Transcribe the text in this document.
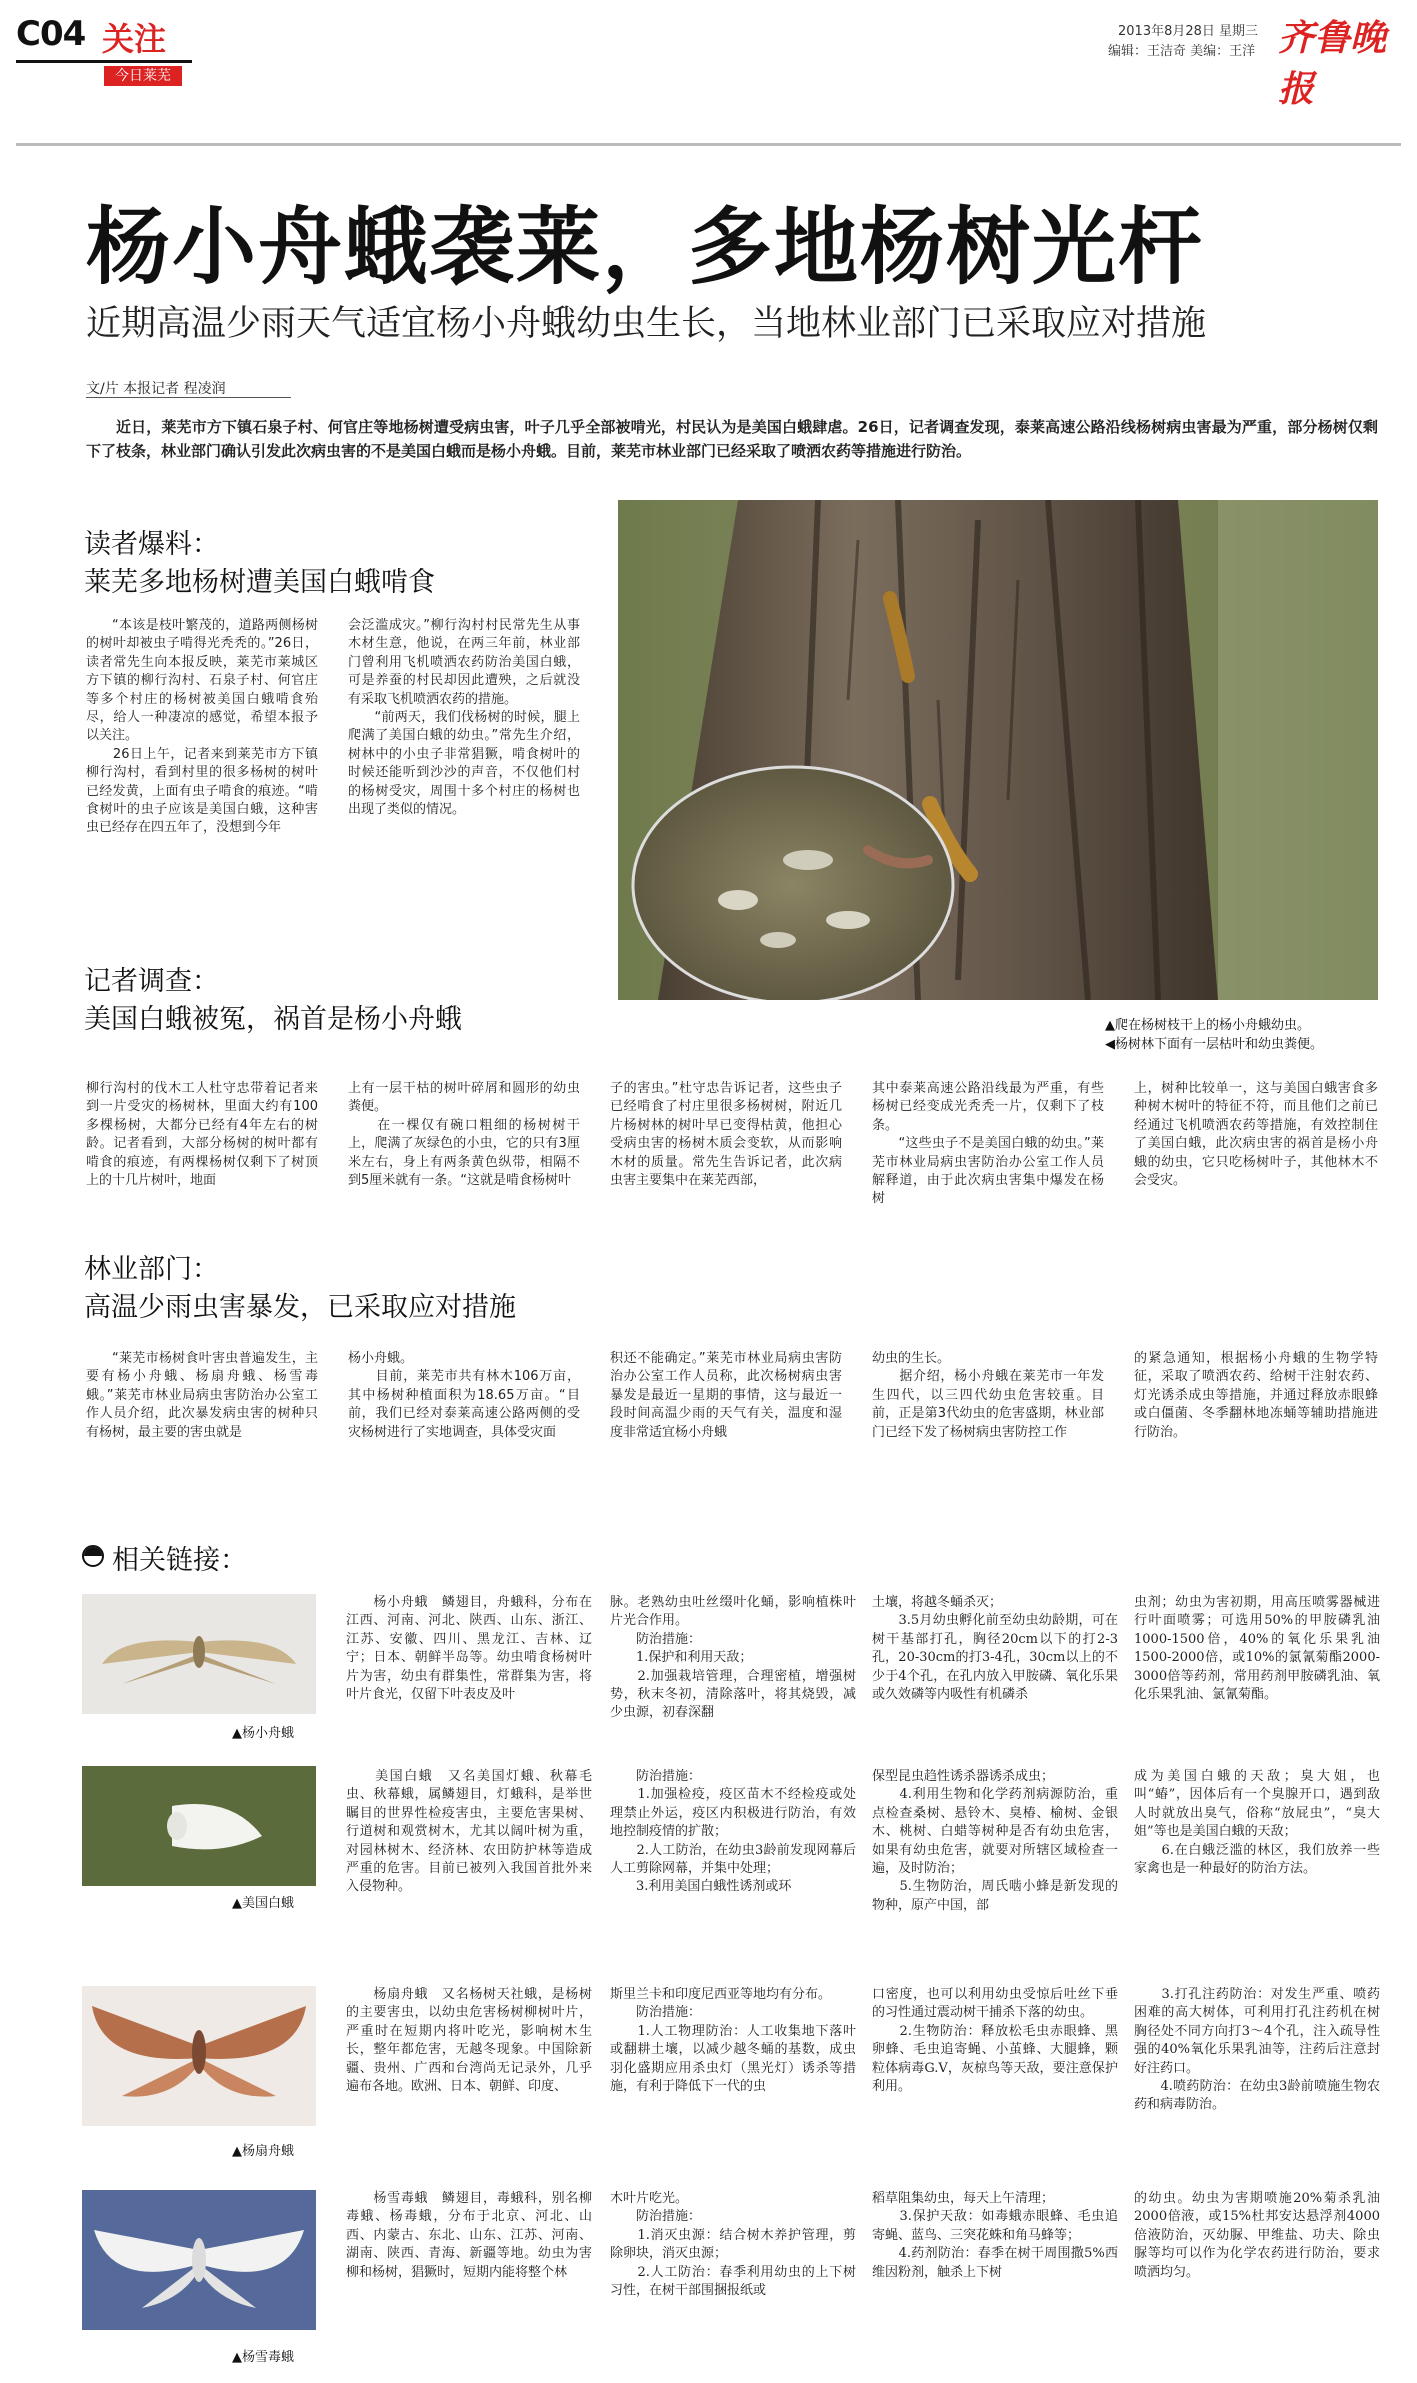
C04 关注
今日莱芜
2013年8月28日 星期三
编辑：王洁奇 美编：王洋 齐鲁晚报
杨小舟蛾袭莱，多地杨树光杆
近期高温少雨天气适宜杨小舟蛾幼虫生长，当地林业部门已采取应对措施
文/片 本报记者 程凌润
近日，莱芜市方下镇石泉子村、何官庄等地杨树遭受病虫害，叶子几乎全部被啃光，村民认为是美国白蛾肆虐。26日，记者调查发现，泰莱高速公路沿线杨树病虫害最为严重，部分杨树仅剩下了枝条，林业部门确认引发此次病虫害的不是美国白蛾而是杨小舟蛾。目前，莱芜市林业部门已经采取了喷洒农药等措施进行防治。
读者爆料：
莱芜多地杨树遭美国白蛾啃食
“本该是枝叶繁茂的，道路两侧杨树的树叶却被虫子啃得光秃秃的。”26日，读者常先生向本报反映，莱芜市莱城区方下镇的柳行沟村、石泉子村、何官庄等多个村庄的杨树被美国白蛾啃食殆尽，给人一种凄凉的感觉，希望本报予以关注。
　　26日上午，记者来到莱芜市方下镇柳行沟村，看到村里的很多杨树的树叶已经发黄，上面有虫子啃食的痕迹。“啃食树叶的虫子应该是美国白蛾，这种害虫已经存在四五年了，没想到今年
会泛滥成灾。”柳行沟村村民常先生从事木材生意，他说，在两三年前，林业部门曾利用飞机喷洒农药防治美国白蛾，可是养蚕的村民却因此遭殃，之后就没有采取飞机喷洒农药的措施。
　　“前两天，我们伐杨树的时候，腿上爬满了美国白蛾的幼虫。”常先生介绍，树林中的小虫子非常猖獗，啃食树叶的时候还能听到沙沙的声音，不仅他们村的杨树受灾，周围十多个村庄的杨树也出现了类似的情况。
▲爬在杨树枝干上的杨小舟蛾幼虫。
◀杨树林下面有一层枯叶和幼虫粪便。
记者调查：
美国白蛾被冤，祸首是杨小舟蛾
柳行沟村的伐木工人杜守忠带着记者来到一片受灾的杨树林，里面大约有100多棵杨树，大都分已经有4年左右的树龄。记者看到，大部分杨树的树叶都有啃食的痕迹，有两棵杨树仅剩下了树顶上的十几片树叶，地面
上有一层干枯的树叶碎屑和圆形的幼虫粪便。
　　在一棵仅有碗口粗细的杨树树干上，爬满了灰绿色的小虫，它的只有3厘米左右，身上有两条黄色纵带，相隔不到5厘米就有一条。“这就是啃食杨树叶
子的害虫。”杜守忠告诉记者，这些虫子已经啃食了村庄里很多杨树树，附近几片杨树林的树叶早已变得枯黄，他担心受病虫害的杨树木质会变软，从而影响木材的质量。常先生告诉记者，此次病虫害主要集中在莱芜西部，
其中泰莱高速公路沿线最为严重，有些杨树已经变成光秃秃一片，仅剩下了枝条。
　　“这些虫子不是美国白蛾的幼虫。”莱芜市林业局病虫害防治办公室工作人员解释道，由于此次病虫害集中爆发在杨树
上，树种比较单一，这与美国白蛾害食多种树木树叶的特征不符，而且他们之前已经通过飞机喷洒农药等措施，有效控制住了美国白蛾，此次病虫害的祸首是杨小舟蛾的幼虫，它只吃杨树叶子，其他林木不会受灾。
林业部门：
高温少雨虫害暴发，已采取应对措施
“莱芜市杨树食叶害虫普遍发生，主要有杨小舟蛾、杨扇舟蛾、杨雪毒蛾。”莱芜市林业局病虫害防治办公室工作人员介绍，此次暴发病虫害的树种只有杨树，最主要的害虫就是
杨小舟蛾。
　　目前，莱芜市共有林木106万亩，其中杨树种植面积为18.65万亩。“目前，我们已经对泰莱高速公路两侧的受灾杨树进行了实地调查，具体受灾面
积还不能确定。”莱芜市林业局病虫害防治办公室工作人员称，此次杨树病虫害暴发是最近一星期的事情，这与最近一段时间高温少雨的天气有关，温度和湿度非常适宜杨小舟蛾
幼虫的生长。
　　据介绍，杨小舟蛾在莱芜市一年发生四代，以三四代幼虫危害较重。目前，正是第3代幼虫的危害盛期，林业部门已经下发了杨树病虫害防控工作
的紧急通知，根据杨小舟蛾的生物学特征，采取了喷洒农药、给树干注射农药、灯光诱杀成虫等措施，并通过释放赤眼蜂或白僵菌、冬季翻林地冻蛹等辅助措施进行防治。
相关链接：
▲杨小舟蛾
　　杨小舟蛾　鳞翅目，舟蛾科，分布在江西、河南、河北、陕西、山东、浙江、江苏、安徽、四川、黑龙江、吉林、辽宁；日本、朝鲜半岛等。幼虫啃食杨树叶片为害，幼虫有群集性，常群集为害，将叶片食光，仅留下叶表皮及叶
脉。老熟幼虫吐丝缀叶化蛹，影响植株叶片光合作用。
　　防治措施：
　　1.保护和利用天敌；
　　2.加强栽培管理，合理密植，增强树势，秋末冬初，清除落叶，将其烧毁，减少虫源，初春深翻
土壤，将越冬蛹杀灭；
　　3.5月幼虫孵化前至幼虫幼龄期，可在树干基部打孔，胸径20cm以下的打2-3孔，20-30cm的打3-4孔，30cm以上的不少于4个孔，在孔内放入甲胺磷、氧化乐果或久效磷等内吸性有机磷杀
虫剂；幼虫为害初期，用高压喷雾器械进行叶面喷雾；可选用50%的甲胺磷乳油1000-1500倍，40%的氧化乐果乳油1500-2000倍，或10%的氯氰菊酯2000-3000倍等药剂，常用药剂甲胺磷乳油、氧化乐果乳油、氯氰菊酯。
▲美国白蛾
　　美国白蛾　又名美国灯蛾、秋幕毛虫、秋幕蛾，属鳞翅目，灯蛾科，是举世瞩目的世界性检疫害虫，主要危害果树、行道树和观赏树木，尤其以阔叶树为重，对园林树木、经济林、农田防护林等造成严重的危害。目前已被列入我国首批外来入侵物种。
　　防治措施：
　　1.加强检疫，疫区苗木不经检疫或处理禁止外运，疫区内积极进行防治，有效地控制疫情的扩散；
　　2.人工防治，在幼虫3龄前发现网幕后人工剪除网幕，并集中处理；
　　3.利用美国白蛾性诱剂或环
保型昆虫趋性诱杀器诱杀成虫；
　　4.利用生物和化学药剂病源防治，重点检查桑树、悬铃木、臭椿、榆树、金银木、桃树、白蜡等树种是否有幼虫危害，如果有幼虫危害，就要对所辖区域检查一遍，及时防治；
　　5.生物防治，周氏啮小蜂是新发现的物种，原产中国，部
成为美国白蛾的天敌；臭大姐，也叫“蝽”，因体后有一个臭腺开口，遇到敌人时就放出臭气，俗称“放屁虫”，“臭大姐”等也是美国白蛾的天敌；
　　6.在白蛾泛滥的林区，我们放养一些家禽也是一种最好的防治方法。
▲杨扇舟蛾
　　杨扇舟蛾　又名杨树天社蛾，是杨树的主要害虫，以幼虫危害杨树柳树叶片，严重时在短期内将叶吃光，影响树木生长，整年都危害，无越冬现象。中国除新疆、贵州、广西和台湾尚无记录外，几乎遍布各地。欧洲、日本、朝鲜、印度、
斯里兰卡和印度尼西亚等地均有分布。
　　防治措施：
　　1.人工物理防治：人工收集地下落叶或翻耕土壤，以减少越冬蛹的基数，成虫羽化盛期应用杀虫灯（黑光灯）诱杀等措施，有利于降低下一代的虫
口密度，也可以利用幼虫受惊后吐丝下垂的习性通过震动树干捕杀下落的幼虫。
　　2.生物防治：释放松毛虫赤眼蜂、黑卵蜂、毛虫追寄蝇、小茧蜂、大腿蜂，颗粒体病毒G.V，灰椋鸟等天敌，要注意保护利用。
　　3.打孔注药防治：对发生严重、喷药困难的高大树体，可利用打孔注药机在树胸径处不同方向打3～4个孔，注入疏导性强的40%氧化乐果乳油等，注药后注意封好注药口。
　　4.喷药防治：在幼虫3龄前喷施生物农药和病毒防治。
▲杨雪毒蛾
　　杨雪毒蛾　鳞翅目，毒蛾科，别名柳毒蛾、杨毒蛾，分布于北京、河北、山西、内蒙古、东北、山东、江苏、河南、湖南、陕西、青海、新疆等地。幼虫为害柳和杨树，猖獗时，短期内能将整个林
木叶片吃光。
　　防治措施：
　　1.消灭虫源：结合树木养护管理，剪除卵块，消灭虫源；
　　2.人工防治：春季利用幼虫的上下树习性，在树干部围捆报纸或
稻草阻集幼虫，每天上午清理；
　　3.保护天敌：如毒蛾赤眼蜂、毛虫追寄蝇、蓝鸟、三突花蛛和角马蜂等；
　　4.药剂防治：春季在树干周围撒5%西维因粉剂，触杀上下树
的幼虫。幼虫为害期喷施20%菊杀乳油2000倍液，或15%杜邦安达悬浮剂4000倍液防治，灭幼脲、甲维盐、功夫、除虫脲等均可以作为化学农药进行防治，要求喷洒均匀。
